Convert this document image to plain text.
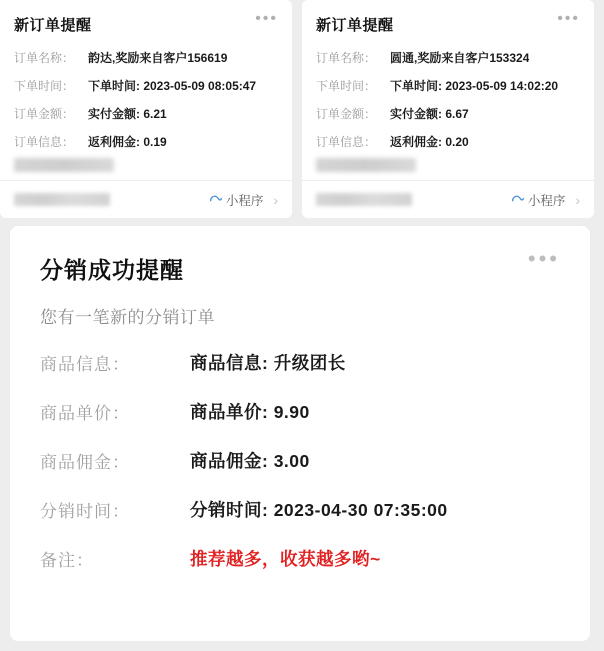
新订单提醒	•••
订单名称：	韵达,奖励来自客户156619
下单时间：	下单时间: 2023-05-09 08:05:47
订单金额：	实付金额: 6.21
订单信息：	返利佣金: 0.19
小程序 ›
新订单提醒	•••
订单名称：	圆通,奖励来自客户153324
下单时间：	下单时间: 2023-05-09 14:02:20
订单金额：	实付金额: 6.67
订单信息：	返利佣金: 0.20
小程序 ›
分销成功提醒	•••
您有一笔新的分销订单
商品信息：	商品信息: 升级团长
商品单价：	商品单价: 9.90
商品佣金：	商品佣金: 3.00
分销时间：	分销时间: 2023-04-30 07:35:00
备注：	推荐越多，收获越多哟~
